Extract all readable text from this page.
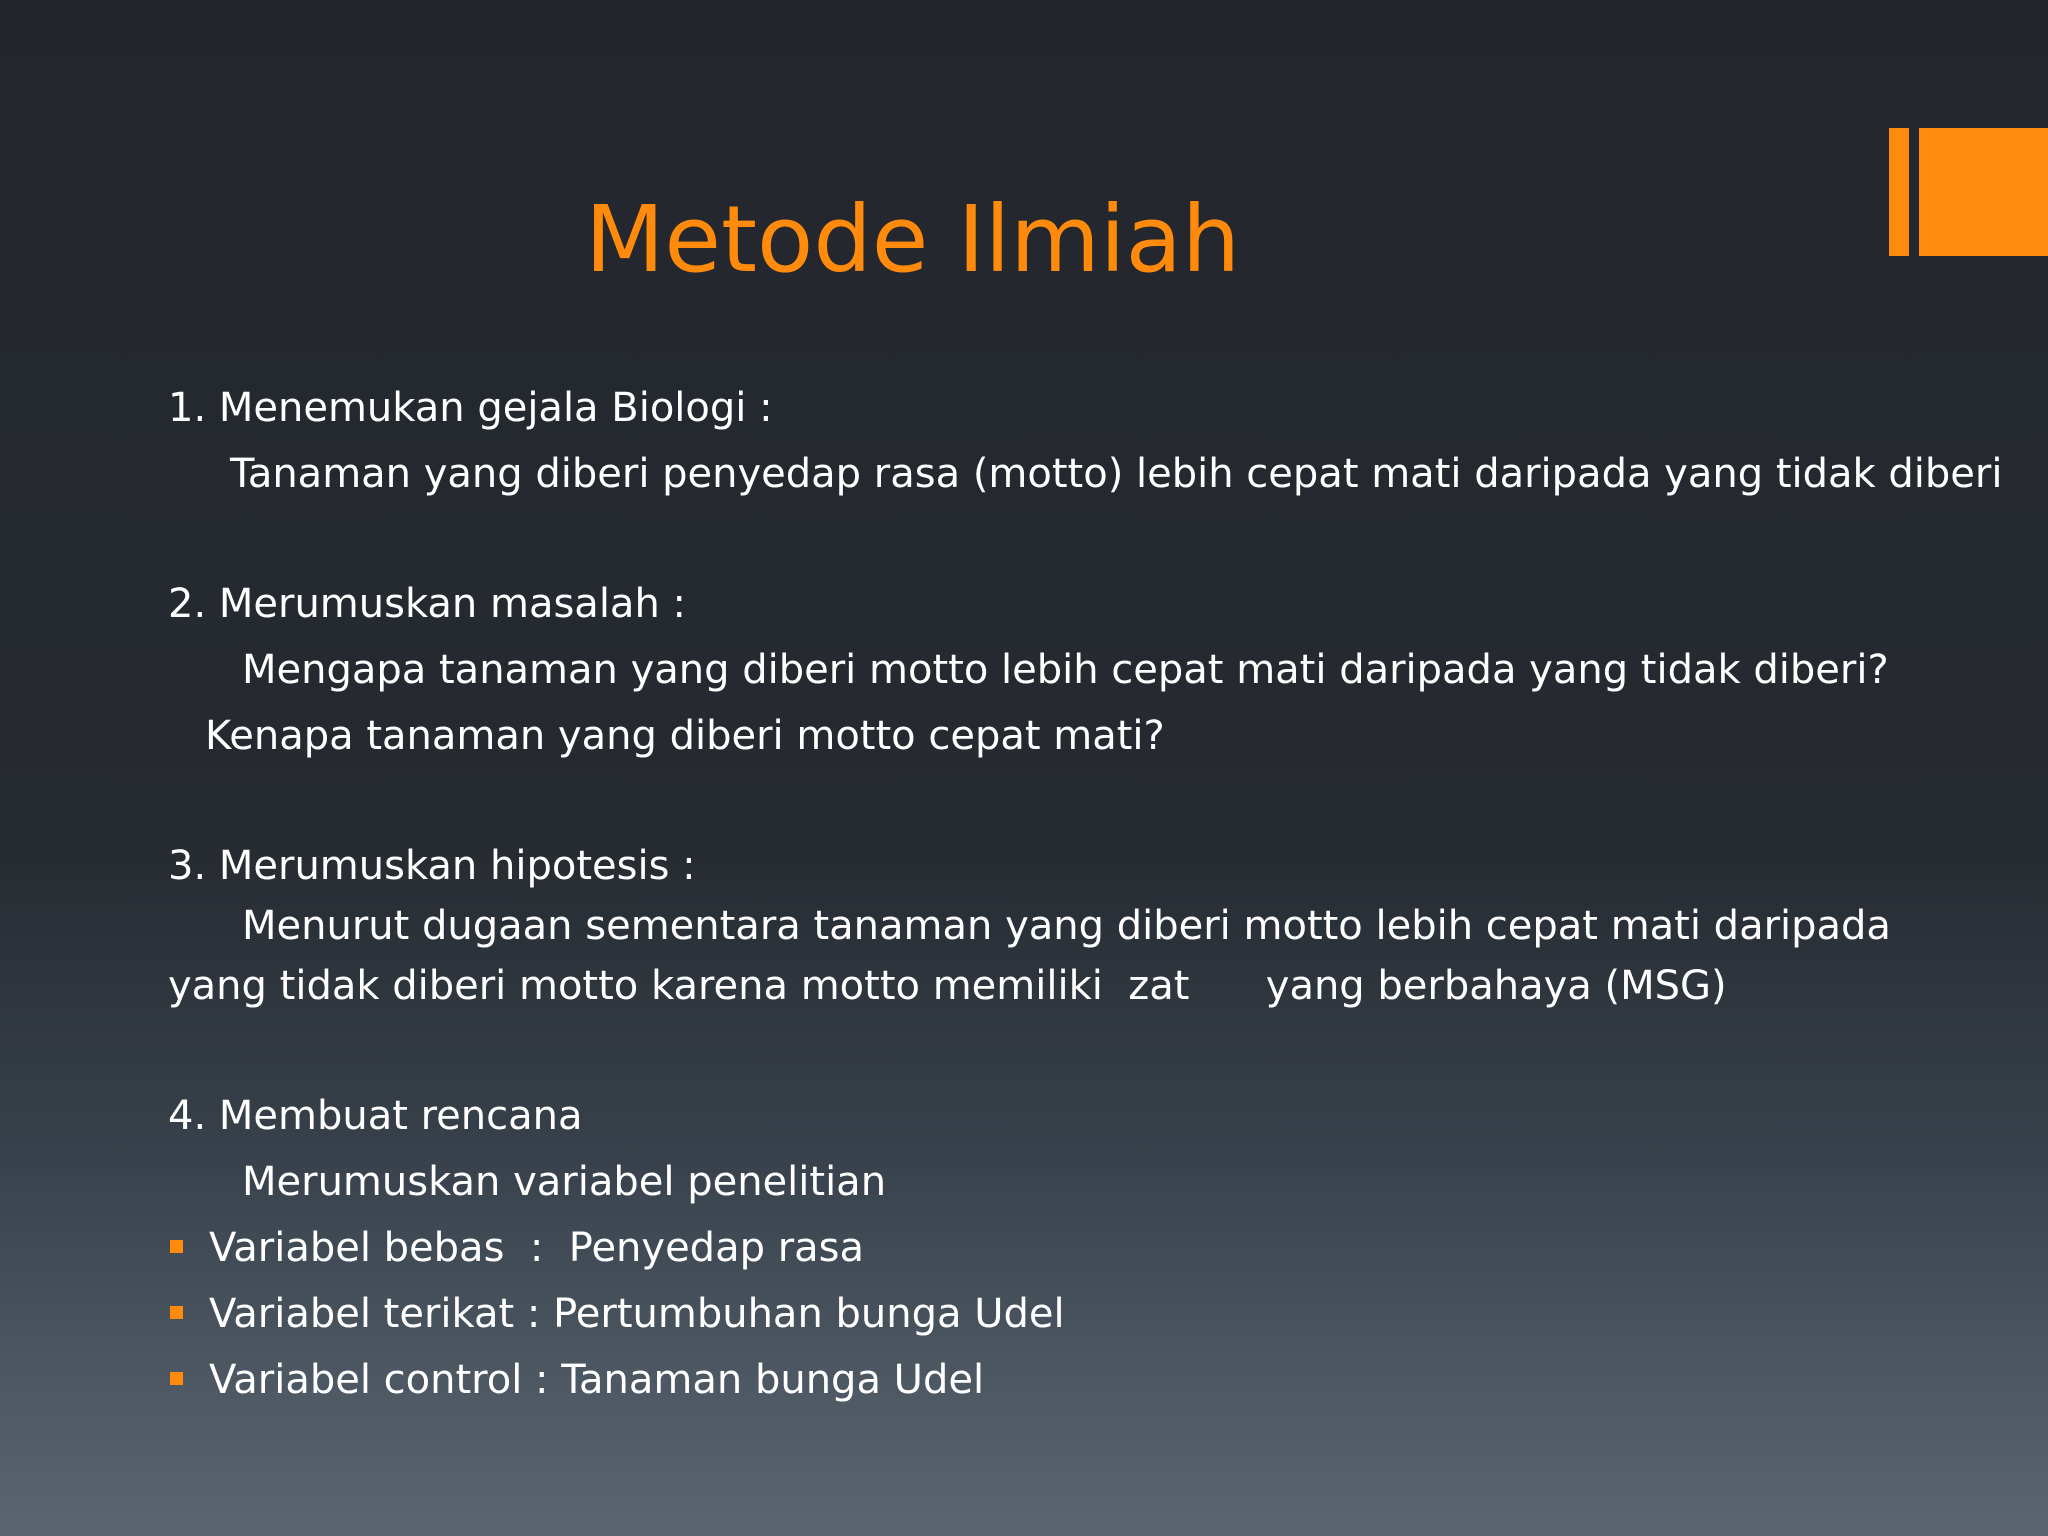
Metode Ilmiah
1. Menemukan gejala Biologi :
Tanaman yang diberi penyedap rasa (motto) lebih cepat mati daripada yang tidak diberi
2. Merumuskan masalah :
Mengapa tanaman yang diberi motto lebih cepat mati daripada yang tidak diberi?
Kenapa tanaman yang diberi motto cepat mati?
3. Merumuskan hipotesis :
Menurut dugaan sementara tanaman yang diberi motto lebih cepat mati daripada
yang tidak diberi motto karena motto memiliki  zat      yang berbahaya (MSG)
4. Membuat rencana
Merumuskan variabel penelitian
Variabel bebas  :  Penyedap rasa
Variabel terikat : Pertumbuhan bunga Udel
Variabel control : Tanaman bunga Udel
